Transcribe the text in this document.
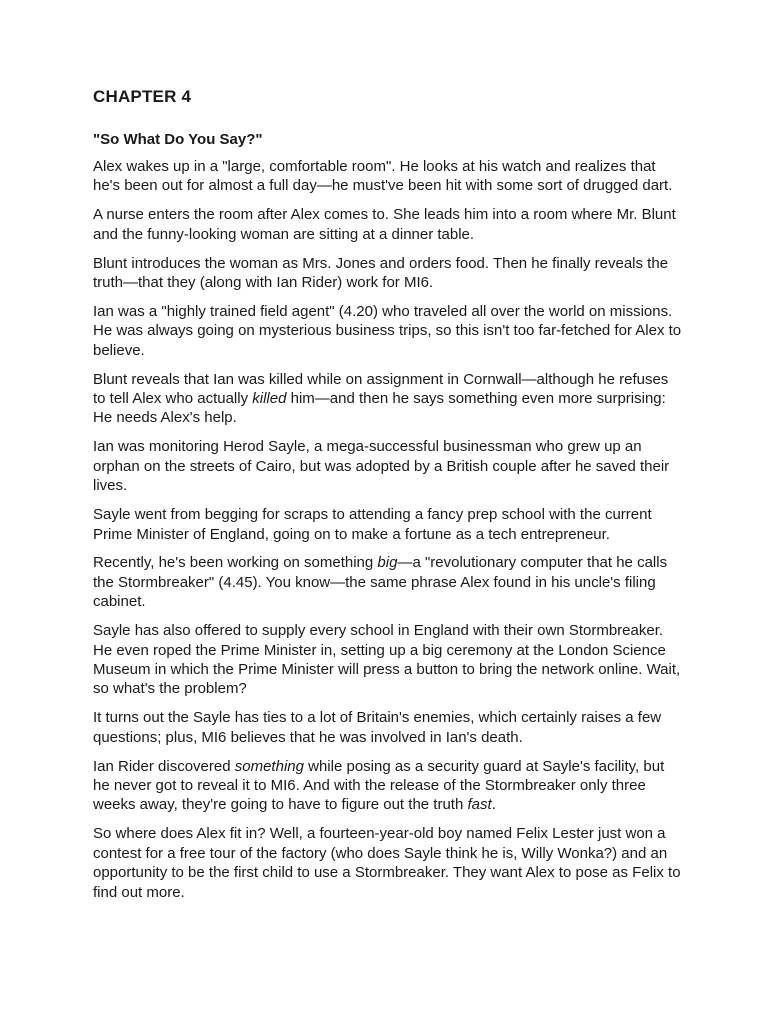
CHAPTER 4
"So What Do You Say?"

Alex wakes up in a "large, comfortable room". He looks at his watch and realizes that he's been out for almost a full day—he must've been hit with some sort of drugged dart.

A nurse enters the room after Alex comes to. She leads him into a room where Mr. Blunt and the funny-looking woman are sitting at a dinner table.

Blunt introduces the woman as Mrs. Jones and orders food. Then he finally reveals the truth—that they (along with Ian Rider) work for MI6.

Ian was a "highly trained field agent" (4.20) who traveled all over the world on missions. He was always going on mysterious business trips, so this isn't too far-fetched for Alex to believe.

Blunt reveals that Ian was killed while on assignment in Cornwall—although he refuses to tell Alex who actually killed him—and then he says something even more surprising: He needs Alex's help.

Ian was monitoring Herod Sayle, a mega-successful businessman who grew up an orphan on the streets of Cairo, but was adopted by a British couple after he saved their lives.

Sayle went from begging for scraps to attending a fancy prep school with the current Prime Minister of England, going on to make a fortune as a tech entrepreneur.

Recently, he's been working on something big—a "revolutionary computer that he calls the Stormbreaker" (4.45). You know—the same phrase Alex found in his uncle's filing cabinet.

Sayle has also offered to supply every school in England with their own Stormbreaker. He even roped the Prime Minister in, setting up a big ceremony at the London Science Museum in which the Prime Minister will press a button to bring the network online. Wait, so what's the problem?

It turns out the Sayle has ties to a lot of Britain's enemies, which certainly raises a few questions; plus, MI6 believes that he was involved in Ian's death.

Ian Rider discovered something while posing as a security guard at Sayle's facility, but he never got to reveal it to MI6. And with the release of the Stormbreaker only three weeks away, they're going to have to figure out the truth fast.

So where does Alex fit in? Well, a fourteen-year-old boy named Felix Lester just won a contest for a free tour of the factory (who does Sayle think he is, Willy Wonka?) and an opportunity to be the first child to use a Stormbreaker. They want Alex to pose as Felix to find out more.
